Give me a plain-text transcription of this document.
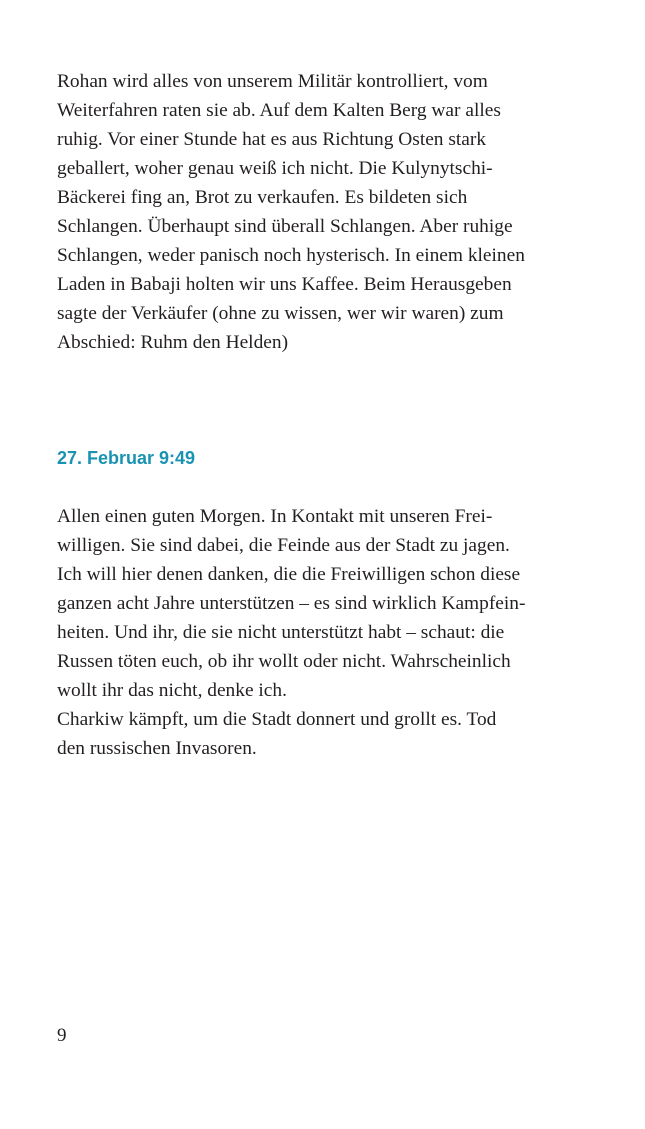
Rohan wird alles von unserem Militär kontrolliert, vom
Weiterfahren raten sie ab. Auf dem Kalten Berg war alles
ruhig. Vor einer Stunde hat es aus Richtung Osten stark
geballert, woher genau weiß ich nicht. Die Kulynytschi-
Bäckerei fing an, Brot zu verkaufen. Es bildeten sich
Schlangen. Überhaupt sind überall Schlangen. Aber ruhige
Schlangen, weder panisch noch hysterisch. In einem kleinen
Laden in Babaji holten wir uns Kaffee. Beim Herausgeben
sagte der Verkäufer (ohne zu wissen, wer wir waren) zum
Abschied: Ruhm den Helden)
27. Februar 9:49
Allen einen guten Morgen. In Kontakt mit unseren Frei-
willigen. Sie sind dabei, die Feinde aus der Stadt zu jagen.
Ich will hier denen danken, die die Freiwilligen schon diese
ganzen acht Jahre unterstützen – es sind wirklich Kampfein-
heiten. Und ihr, die sie nicht unterstützt habt – schaut: die
Russen töten euch, ob ihr wollt oder nicht. Wahrscheinlich
wollt ihr das nicht, denke ich.
Charkiw kämpft, um die Stadt donnert und grollt es. Tod
den russischen Invasoren.
9
